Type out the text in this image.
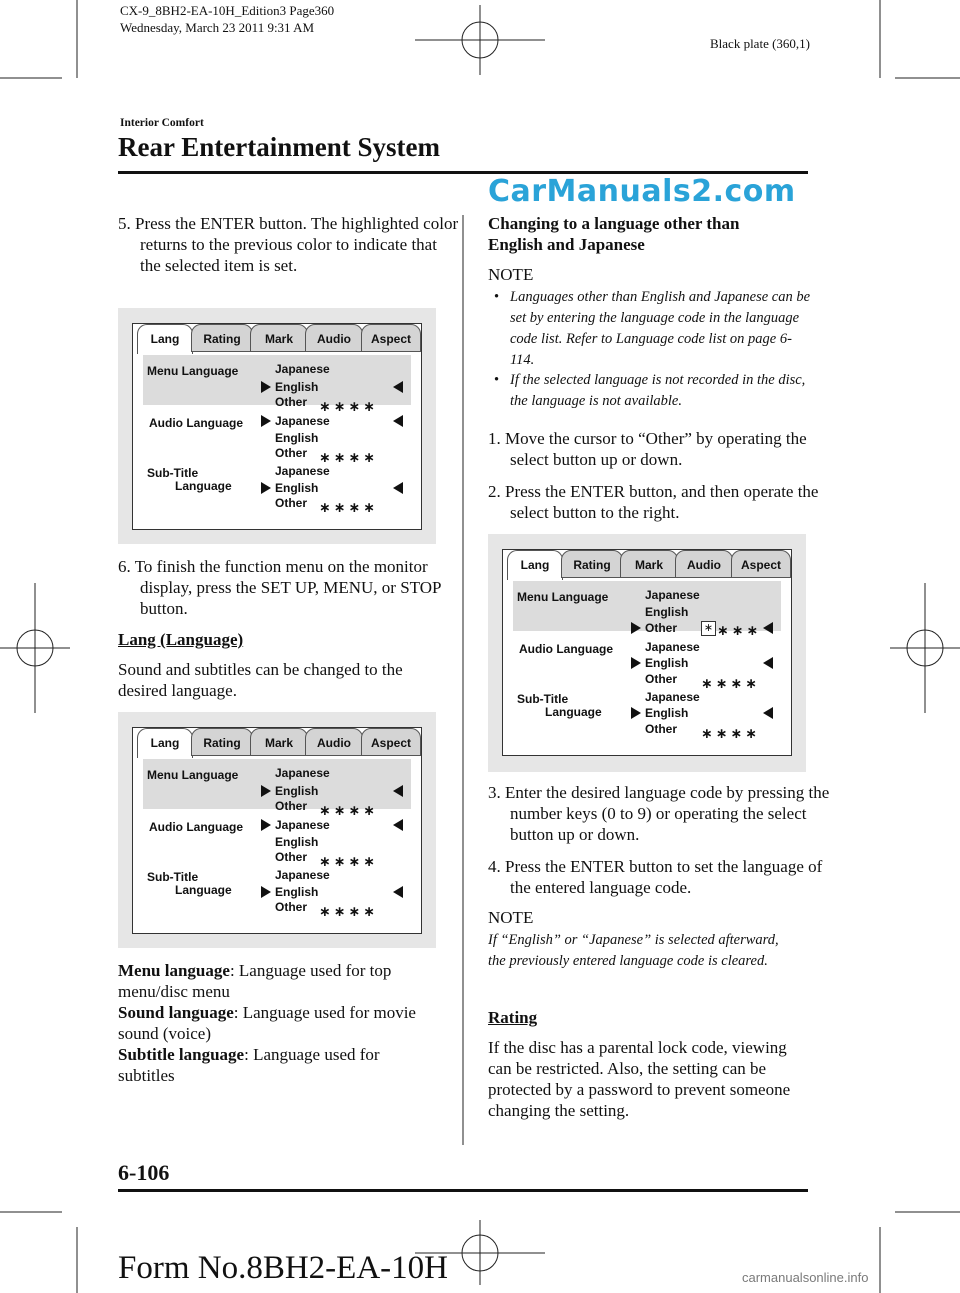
CX-9_8BH2-EA-10H_Edition3 Page360
Wednesday, March 23 2011 9:31 AM
Black plate (360,1)
Interior Comfort
Rear Entertainment System
CarManuals2.com
5. Press the ENTER button. The highlighted color returns to the previous color to indicate that the selected item is set.
Lang	Rating	Mark	Audio	Aspect
Menu Language	Japanese
English
Other ∗∗∗∗
Audio Language	Japanese
English
Other ∗∗∗∗
Sub-Title
Language
Japanese
English
Other ∗∗∗∗
6. To finish the function menu on the monitor display, press the SET UP, MENU, or STOP button.
Lang (Language)
Sound and subtitles can be changed to the desired language.
Lang	Rating	Mark	Audio	Aspect
Menu Language	Japanese
English
Other ∗∗∗∗
Audio Language	Japanese
English
Other ∗∗∗∗
Sub-Title
Language
Japanese
English
Other ∗∗∗∗
Menu language: Language used for top menu/disc menu
Sound language: Language used for movie sound (voice)
Subtitle language: Language used for subtitles
Changing to a language other than English and Japanese
NOTE
• Languages other than English and Japanese can be set by entering the language code in the language code list. Refer to Language code list on page 6-114.
• If the selected language is not recorded in the disc, the language is not available.
1. Move the cursor to “Other” by operating the select button up or down.
2. Press the ENTER button, and then operate the select button to the right.
Lang	Rating	Mark	Audio	Aspect
Menu Language	Japanese
English
Other ∗ ∗∗∗
Audio Language	Japanese
English
Other ∗∗∗∗
Sub-Title
Language
Japanese
English
Other ∗∗∗∗
3. Enter the desired language code by pressing the number keys (0 to 9) or operating the select button up or down.
4. Press the ENTER button to set the language of the entered language code.
NOTE
If “English” or “Japanese” is selected afterward, the previously entered language code is cleared.
Rating
If the disc has a parental lock code, viewing can be restricted. Also, the setting can be protected by a password to prevent someone changing the setting.
6-106
Form No.8BH2-EA-10H	carmanualsonline.info
